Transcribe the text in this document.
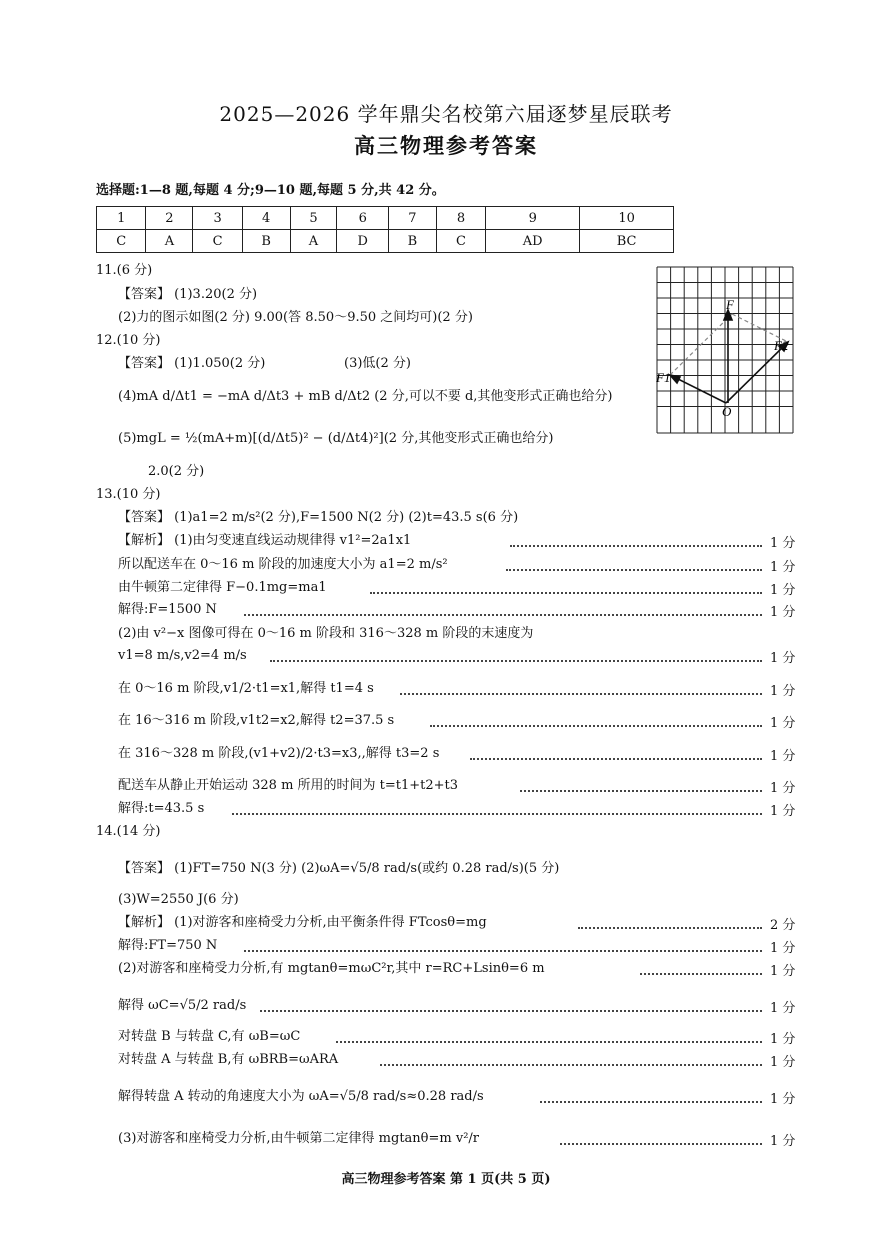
2025—2026 学年鼎尖名校第六届逐梦星辰联考
高三物理参考答案
选择题:1—8 题,每题 4 分;9—10 题,每题 5 分,共 42 分。
1	2	3	4	5	6	7	8	9	10
C	A	C	B	A	D	B	C	AD	BC
11.(6 分)
【答案】 (1)3.20(2 分)
(2)力的图示如图(2 分) 9.00(答 8.50～9.50 之间均可)(2 分)
F
F1
F2
O
12.(10 分)
【答案】 (1)1.050(2 分)	(3)低(2 分)
(4)mA d/Δt1 = −mA d/Δt3 + mB d/Δt2 (2 分,可以不要 d,其他变形式正确也给分)
(5)mgL = ½(mA+m)[(d/Δt5)² − (d/Δt4)²](2 分,其他变形式正确也给分)
2.0(2 分)
13.(10 分)
【答案】 (1)a1=2 m/s²(2 分),F=1500 N(2 分) (2)t=43.5 s(6 分)
【解析】 (1)由匀变速直线运动规律得 v1²=2a1x1	1 分
所以配送车在 0～16 m 阶段的加速度大小为 a1=2 m/s²	1 分
由牛顿第二定律得 F−0.1mg=ma1	1 分
解得:F=1500 N	1 分
(2)由 v²−x 图像可得在 0～16 m 阶段和 316～328 m 阶段的末速度为
v1=8 m/s,v2=4 m/s	1 分
在 0～16 m 阶段,v1/2·t1=x1,解得 t1=4 s	1 分
在 16～316 m 阶段,v1t2=x2,解得 t2=37.5 s	1 分
在 316～328 m 阶段,(v1+v2)/2·t3=x3,,解得 t3=2 s	1 分
配送车从静止开始运动 328 m 所用的时间为 t=t1+t2+t3	1 分
解得:t=43.5 s	1 分
14.(14 分)
【答案】 (1)FT=750 N(3 分) (2)ωA=√5/8 rad/s(或约 0.28 rad/s)(5 分)
(3)W=2550 J(6 分)
【解析】 (1)对游客和座椅受力分析,由平衡条件得 FTcosθ=mg	2 分
解得:FT=750 N	1 分
(2)对游客和座椅受力分析,有 mgtanθ=mωC²r,其中 r=RC+Lsinθ=6 m	1 分
解得 ωC=√5/2 rad/s	1 分
对转盘 B 与转盘 C,有 ωB=ωC	1 分
对转盘 A 与转盘 B,有 ωBRB=ωARA	1 分
解得转盘 A 转动的角速度大小为 ωA=√5/8 rad/s≈0.28 rad/s	1 分
(3)对游客和座椅受力分析,由牛顿第二定律得 mgtanθ=m v²/r	1 分
高三物理参考答案 第 1 页(共 5 页)
